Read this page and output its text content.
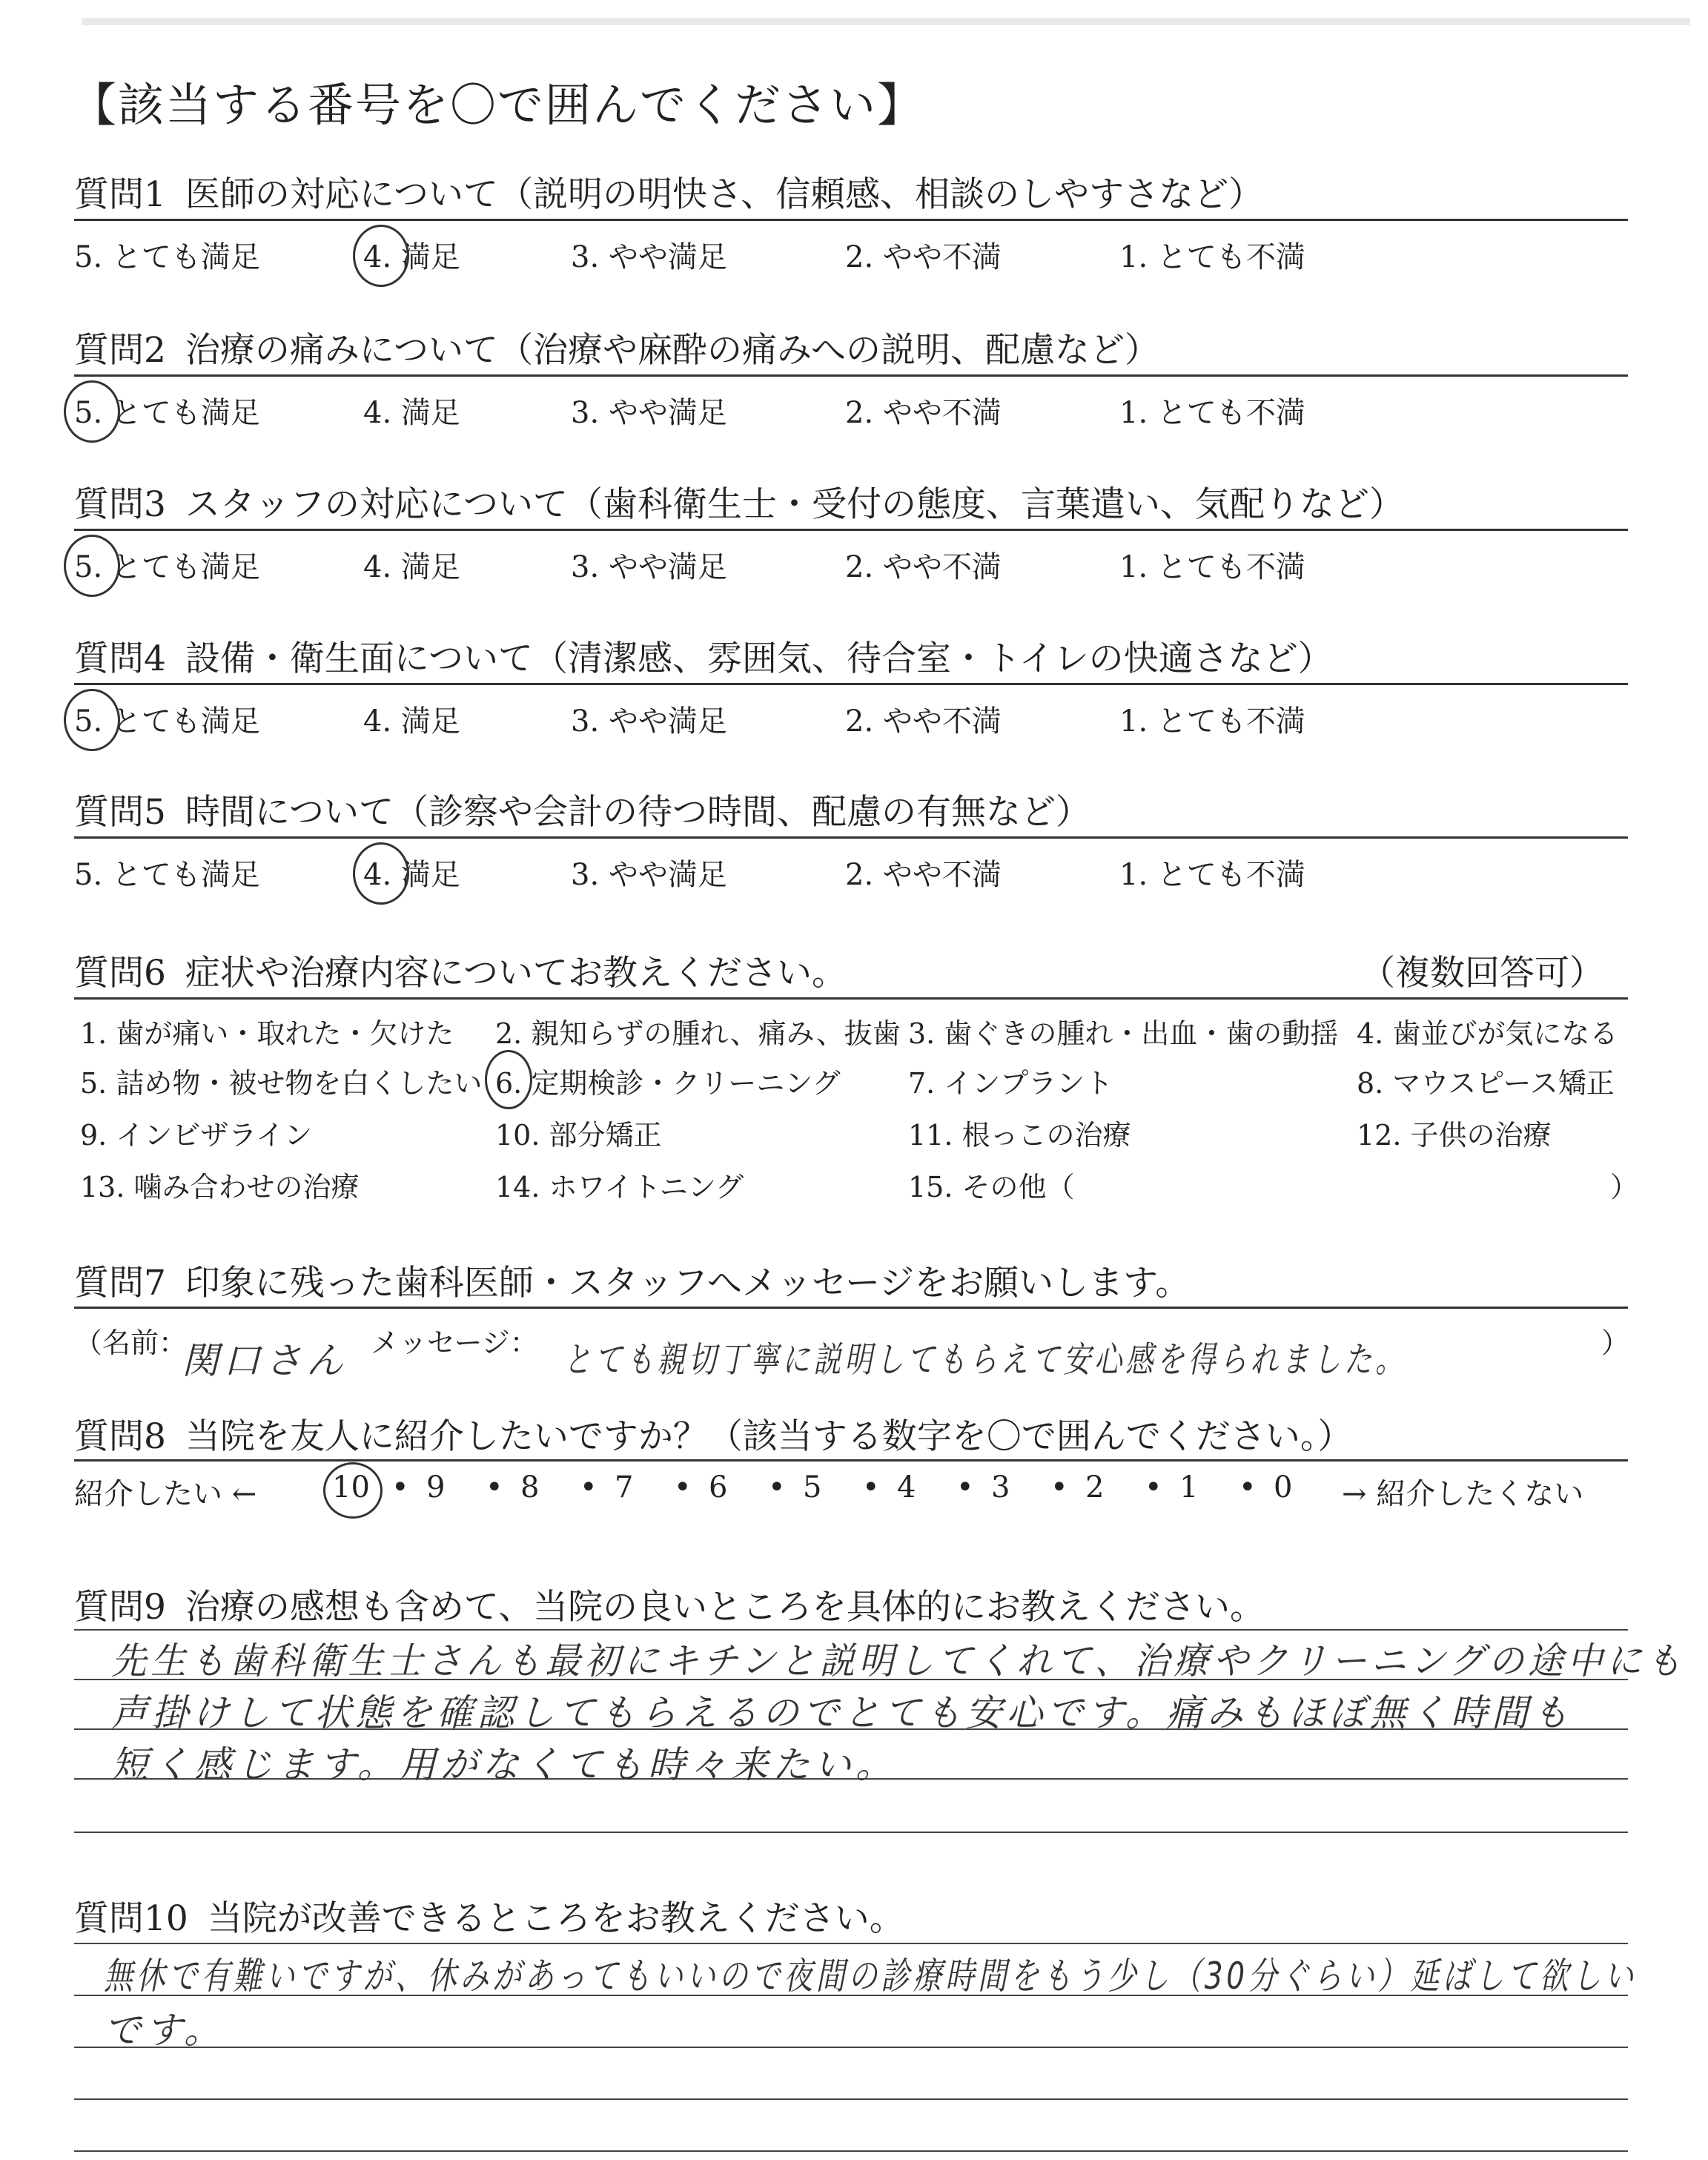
【該当する番号を〇で囲んでください】
質問1 医師の対応について（説明の明快さ、信頼感、相談のしやすさなど）
5. とても満足	4. 満足	3. やや満足	2. やや不満	1. とても不満
質問2 治療の痛みについて（治療や麻酔の痛みへの説明、配慮など）
5. とても満足	4. 満足	3. やや満足	2. やや不満	1. とても不満
質問3 スタッフの対応について（歯科衛生士・受付の態度、言葉遣い、気配りなど）
5. とても満足	4. 満足	3. やや満足	2. やや不満	1. とても不満
質問4 設備・衛生面について（清潔感、雰囲気、待合室・トイレの快適さなど）
5. とても満足	4. 満足	3. やや満足	2. やや不満	1. とても不満
質問5 時間について（診察や会計の待つ時間、配慮の有無など）
5. とても満足	4. 満足	3. やや満足	2. やや不満	1. とても不満
質問6 症状や治療内容についてお教えください。	（複数回答可）
1. 歯が痛い・取れた・欠けた 2. 親知らずの腫れ、痛み、抜歯 3. 歯ぐきの腫れ・出血・歯の動揺 4. 歯並びが気になる
5. 詰め物・被せ物を白くしたい 6. 定期検診・クリーニング 7. インプラント	8. マウスピース矯正
9. インビザライン	10. 部分矯正	11. 根っこの治療	12. 子供の治療
13. 噛み合わせの治療	14. ホワイトニング	15. その他（	）
質問7 印象に残った歯科医師・スタッフへメッセージをお願いします。
（名前：
関口さん メッセージ： とても親切丁寧に説明してもらえて安心感を得られました。	）
質問8 当院を友人に紹介したいですか？（該当する数字を〇で囲んでください。）
紹介したい ←	→ 紹介したくない
10 • 9 • 8 • 7 • 6 • 5 • 4 • 3 • 2 • 1 • 0
質問9 治療の感想も含めて、当院の良いところを具体的にお教えください。
先生も歯科衛生士さんも最初にキチンと説明してくれて、治療やクリーニングの途中にも
声掛けして状態を確認してもらえるのでとても安心です。痛みもほぼ無く時間も
短く感じます。用がなくても時々来たい。
質問10 当院が改善できるところをお教えください。
無休で有難いですが、休みがあってもいいので夜間の診療時間をもう少し（30分ぐらい）延ばして欲しい
です。
